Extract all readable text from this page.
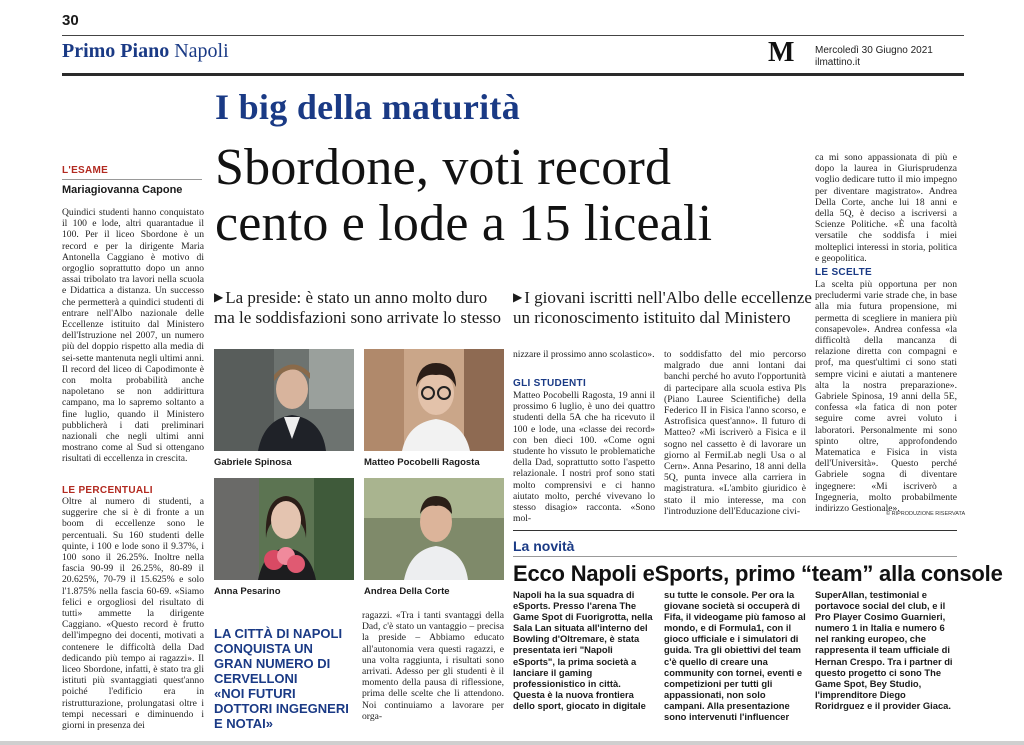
30
Primo Piano Napoli	M Mercoledì 30 Giugno 2021
ilmattino.it
I big della maturità
Sbordone, voti record
cento e lode a 15 liceali
L'ESAME
Mariagiovanna Capone

Quindici studenti hanno conquistato il 100 e lode, altri quarantadue il 100. Per il liceo Sbordone è un record e per la dirigente Maria Antonella Caggiano è motivo di orgoglio soprattutto dopo un anno assai tribolato tra lavori nella scuola e Didattica a distanza. Un successo che permetterà a quindici studenti di entrare nell'Albo nazionale delle Eccellenze istituito dal Ministero dell'Istruzione nel 2007, un numero più del doppio rispetto alla media di sei-sette mantenuta negli ultimi anni. Il record del liceo di Capodimonte è con molta probabilità anche napoletano se non addirittura campano, ma lo sapremo soltanto a fine luglio, quando il Ministero pubblicherà i dati preliminari nazionali che negli ultimi anni mostrano come al Sud si ottengano risultati di eccellenza in crescita.

LE PERCENTUALI

Oltre al numero di studenti, a suggerire che si è di fronte a un boom di eccellenze sono le percentuali. Su 160 studenti delle quinte, i 100 e lode sono il 9.37%, i 100 sono il 26.25%. Inoltre nella fascia 90-99 il 26.25%, 80-89 il 20.625%, 70-79 il 15.625% e solo l'1.875% nella fascia 60-69. «Siamo felici e orgogliosi del risultato di tutti» ammette la dirigente Caggiano. «Questo record è frutto dell'impegno dei docenti, motivati a contenere le difficoltà della Dad dedicando più tempo ai ragazzi». Il liceo Sbordone, infatti, è stato tra gli istituti più svantaggiati quest'anno poiché l'edificio era in ristrutturazione, prolungatasi oltre i tempi necessari e diminuendo i giorni in presenza dei

▶ La preside: è stato un anno molto duro ma le soddisfazioni sono arrivate lo stesso
▶ I giovani iscritti nell'Albo delle eccellenze un riconoscimento istituito dal Ministero
Gabriele Spinosa	Matteo Pocobelli Ragosta
Anna Pesarino	Andrea Della Corte
LA CITTÀ DI NAPOLI CONQUISTA UN GRAN NUMERO DI CERVELLONI
«NOI FUTURI DOTTORI INGEGNERI E NOTAI»

ragazzi. «Tra i tanti svantaggi della Dad, c'è stato un vantaggio – precisa la preside – Abbiamo educato all'autonomia vera questi ragazzi, e una volta raggiunta, i risultati sono arrivati. Adesso per gli studenti è il momento della pausa di riflessione, prima delle scelte che li attendono. Noi continuiamo a lavorare per orga-

nizzare il prossimo anno scolastico».

GLI STUDENTI

Matteo Pocobelli Ragosta, 19 anni il prossimo 6 luglio, è uno dei quattro studenti della 5A che ha ricevuto il 100 e lode, una «classe dei record» con ben dieci 100. «Come ogni studente ho vissuto le problematiche della Dad, soprattutto sotto l'aspetto relazionale. I nostri prof sono stati molto comprensivi e ci hanno aiutato molto, perché vivevano lo stesso disagio» racconta. «Sono mol-

to soddisfatto del mio percorso malgrado due anni lontani dai banchi perché ho avuto l'opportunità di partecipare alla scuola estiva Pls (Piano Lauree Scientifiche) della Federico II in Fisica l'anno scorso, e Astrofisica quest'anno». Il futuro di Matteo? «Mi iscriverò a Fisica e il sogno nel cassetto è di lavorare un giorno al FermiLab negli Usa o al Cern». Anna Pesarino, 18 anni della 5Q, punta invece alla carriera in magistratura. «L'ambito giuridico è stato il mio interesse, ma con l'introduzione dell'Educazione civi-

ca mi sono appassionata di più e dopo la laurea in Giurisprudenza voglio dedicare tutto il mio impegno per diventare magistrato». Andrea Della Corte, anche lui 18 anni e della 5Q, è deciso a iscriversi a Scienze Politiche. «È una facoltà versatile che soddisfa i miei molteplici interessi in storia, politica e geopolitica.

LE SCELTE

La scelta più opportuna per non precludermi varie strade che, in base alla mia futura propensione, mi permetta di scegliere in maniera più consapevole». Andrea confessa «la difficoltà della mancanza di relazione diretta con compagni e prof, ma quest'ultimi ci sono stati sempre vicini e aiutati a mantenere alta la nostra preparazione». Gabriele Spinosa, 19 anni della 5E, confessa «la fatica di non poter seguire come avrei voluto i laboratori. Personalmente mi sono spinto oltre, approfondendo Matematica e Fisica in vista dell'Università». Questo perché Gabriele sogna di diventare ingegnere: «Mi iscriverò a Ingegneria, molto probabilmente indirizzo Gestionale».

© RIPRODUZIONE RISERVATA
La novità
Ecco Napoli eSports, primo “team” alla console

Napoli ha la sua squadra di eSports. Presso l'arena The Game Spot di Fuorigrotta, nella Sala Lan situata all'interno del Bowling d'Oltremare, è stata presentata ieri "Napoli eSports", la prima società a lanciare il gaming professionistico in città. Questa è la nuova frontiera dello sport, giocato in digitale

su tutte le console. Per ora la giovane società si occuperà di Fifa, il videogame più famoso al mondo, e di Formula1, con il gioco ufficiale e i simulatori di guida. Tra gli obiettivi del team c'è quello di creare una community con tornei, eventi e competizioni per tutti gli appassionati, non solo campani. Alla presentazione sono intervenuti l'influencer

SuperAllan, testimonial e portavoce social del club, e il Pro Player Cosimo Guarnieri, numero 1 in Italia e numero 6 nel ranking europeo, che rappresenta il team ufficiale di Hernan Crespo. Tra i partner di questo progetto ci sono The Game Spot, Bey Studio, l'imprenditore Diego Roridrguez e il provider Giaca.
